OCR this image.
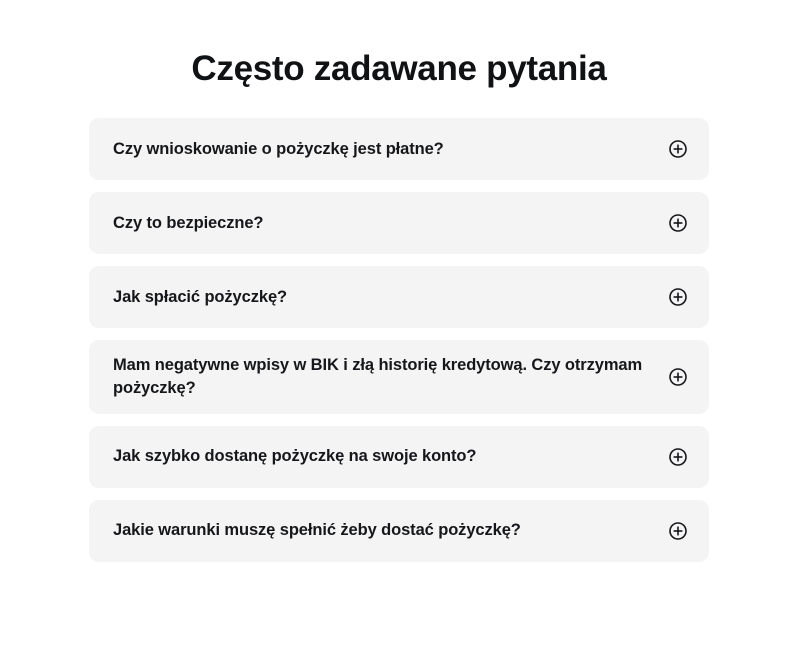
Często zadawane pytania
Czy wnioskowanie o pożyczkę jest płatne?
Czy to bezpieczne?
Jak spłacić pożyczkę?
Mam negatywne wpisy w BIK i złą historię kredytową. Czy otrzymam pożyczkę?
Jak szybko dostanę pożyczkę na swoje konto?
Jakie warunki muszę spełnić żeby dostać pożyczkę?
